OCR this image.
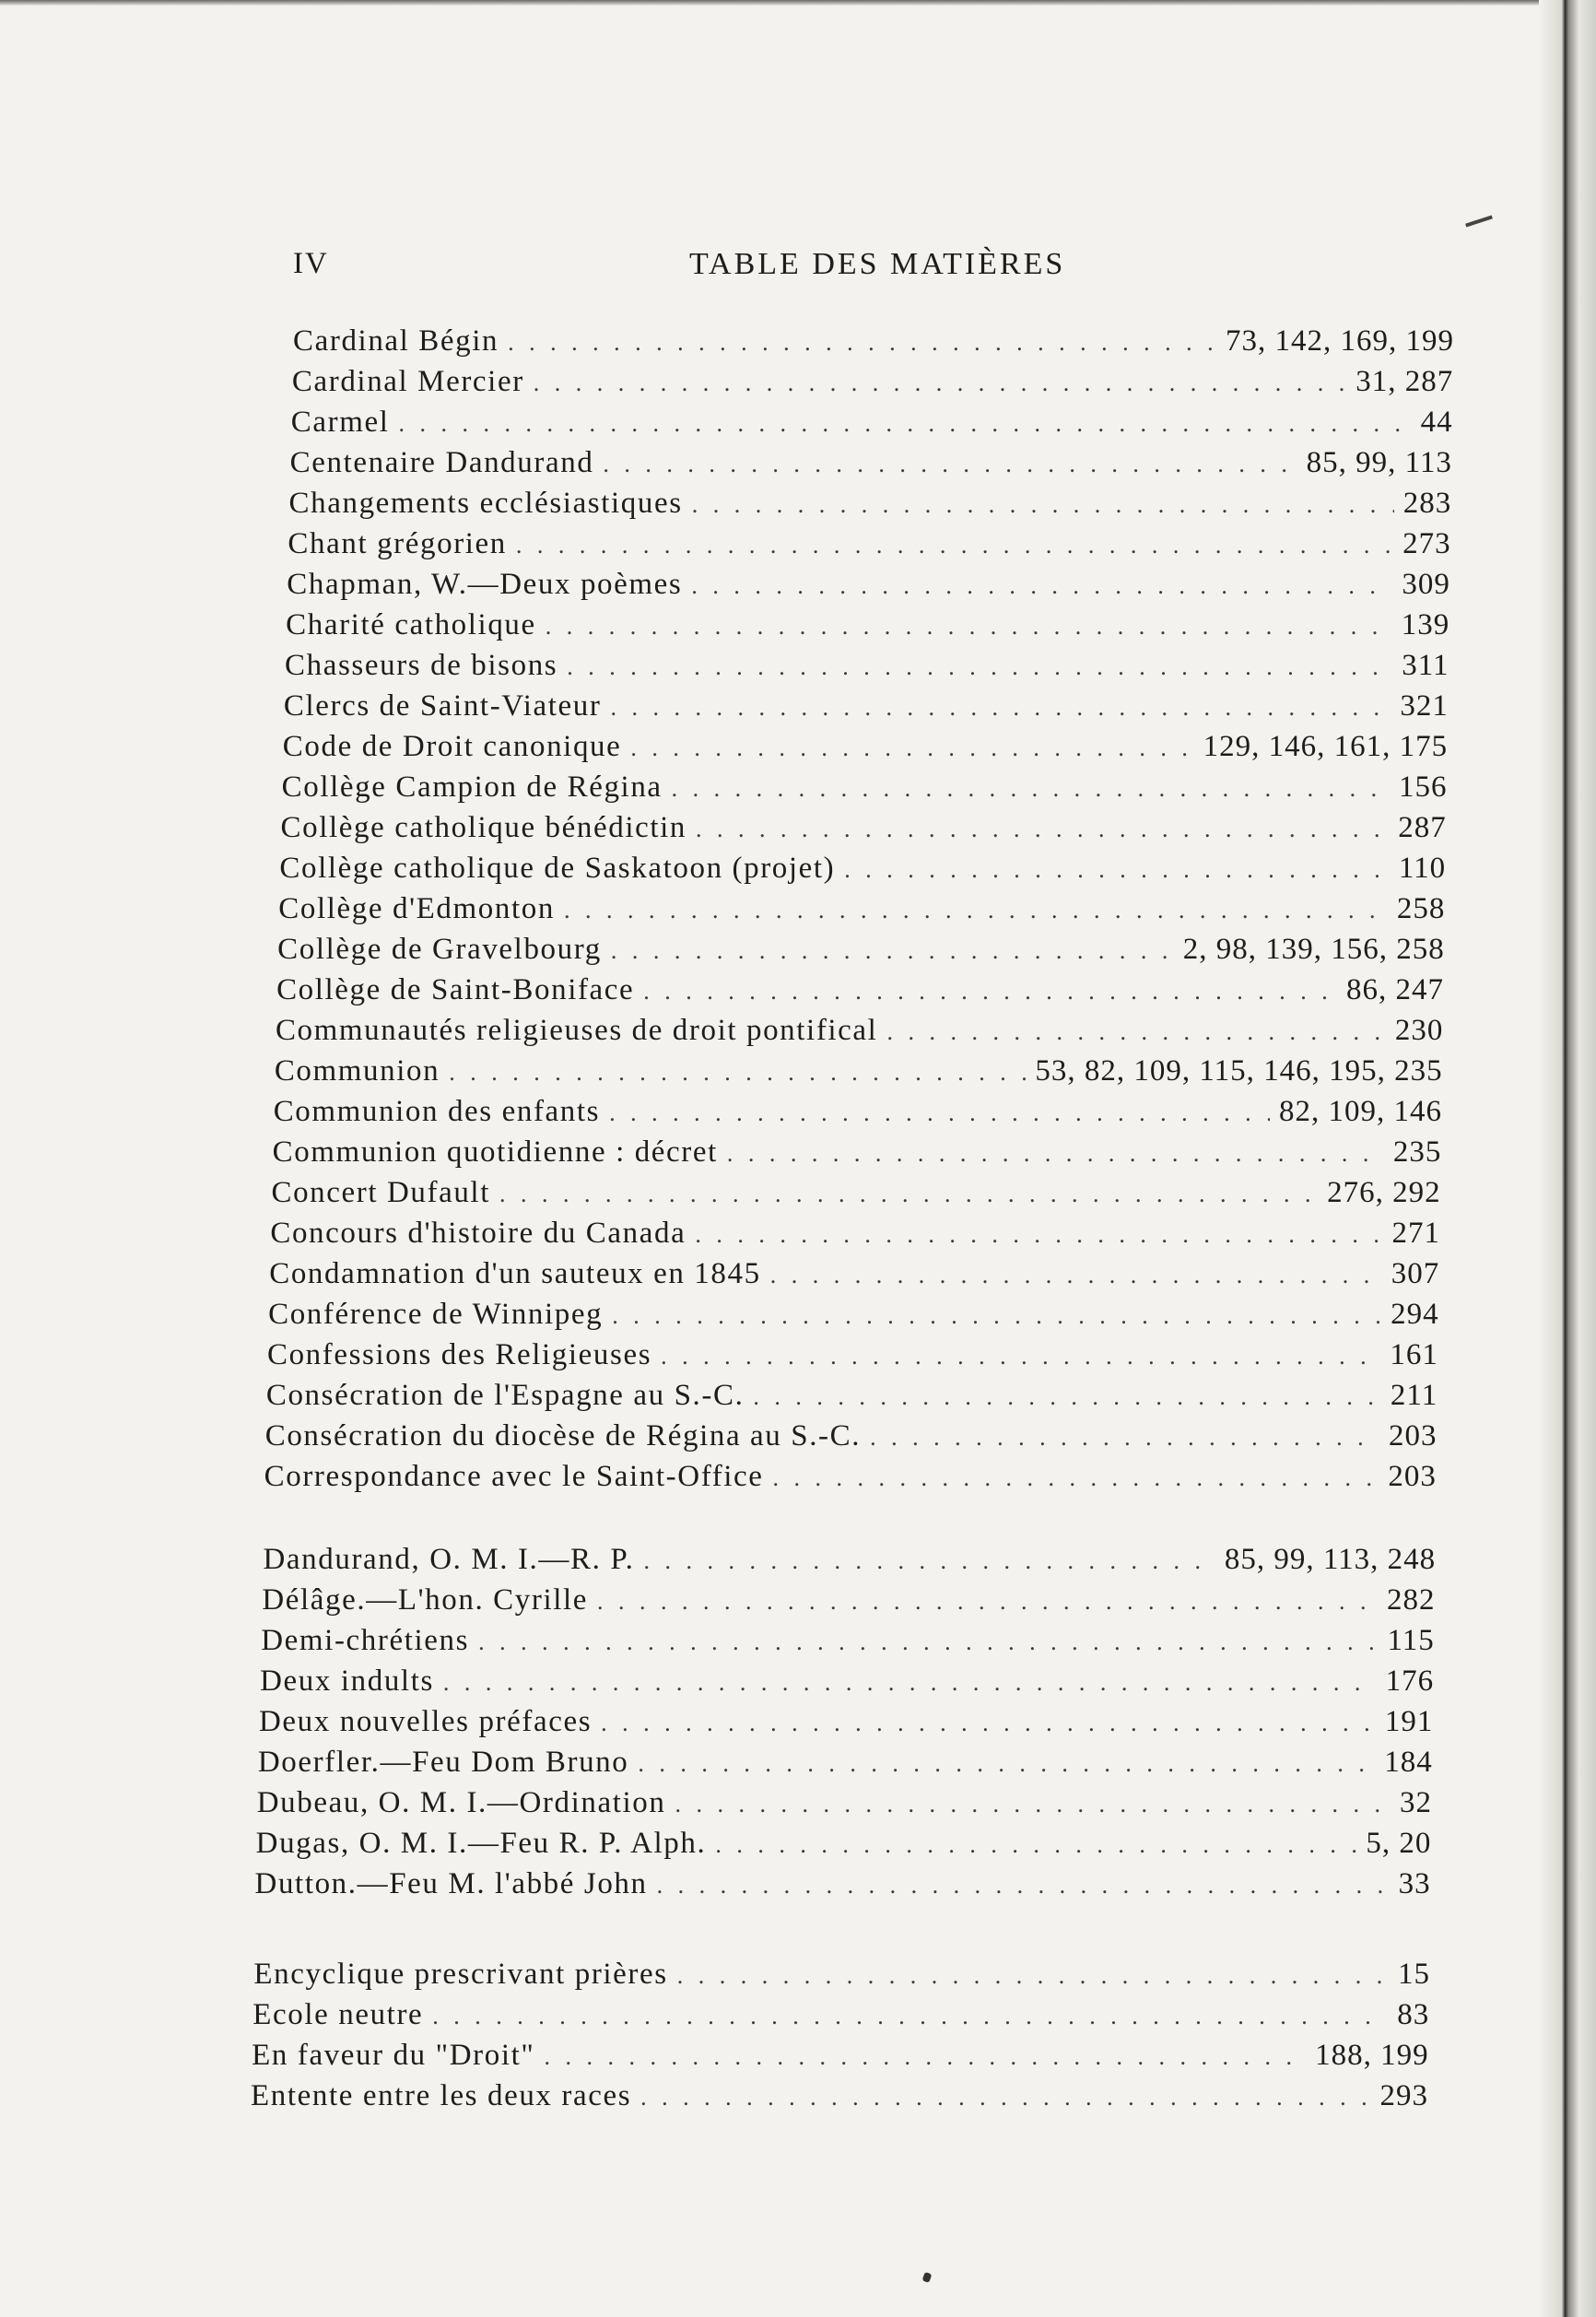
IV	TABLE DES MATIÈRES
Cardinal Bégin . . .	73, 142, 169, 199
Cardinal Mercier . . .	31, 287
Carmel . . .	44
Centenaire Dandurand . . .	85, 99, 113
Changements ecclésiastiques . . .	283
Chant grégorien . . .	273
Chapman, W.—Deux poèmes . . .	309
Charité catholique . . .	139
Chasseurs de bisons . . .	311
Clercs de Saint-Viateur . . .	321
Code de Droit canonique . . .	129, 146, 161, 175
Collège Campion de Régina . . .	156
Collège catholique bénédictin . . .	287
Collège catholique de Saskatoon (projet) . . .	110
Collège d'Edmonton . . .	258
Collège de Gravelbourg . . .	2, 98, 139, 156, 258
Collège de Saint-Boniface . . .	86, 247
Communautés religieuses de droit pontifical . . .	230
Communion . . .	53, 82, 109, 115, 146, 195, 235
Communion des enfants . . .	82, 109, 146
Communion quotidienne : décret . . .	235
Concert Dufault . . .	276, 292
Concours d'histoire du Canada . . .	271
Condamnation d'un sauteux en 1845 . . .	307
Conférence de Winnipeg . . .	294
Confessions des Religieuses . . .	161
Consécration de l'Espagne au S.-C. . . .	211
Consécration du diocèse de Régina au S.-C. . . .	203
Correspondance avec le Saint-Office . . .	203
Dandurand, O. M. I.—R. P. . . .	85, 99, 113, 248
Délâge.—L'hon. Cyrille . . .	282
Demi-chrétiens . . .	115
Deux indults . . .	176
Deux nouvelles préfaces . . .	191
Doerfler.—Feu Dom Bruno . . .	184
Dubeau, O. M. I.—Ordination . . .	32
Dugas, O. M. I.—Feu R. P. Alph. . . .	5, 20
Dutton.—Feu M. l'abbé John . . .	33
Encyclique prescrivant prières . . .	15
Ecole neutre . . .	83
En faveur du "Droit" . . .	188, 199
Entente entre les deux races . . .	293
